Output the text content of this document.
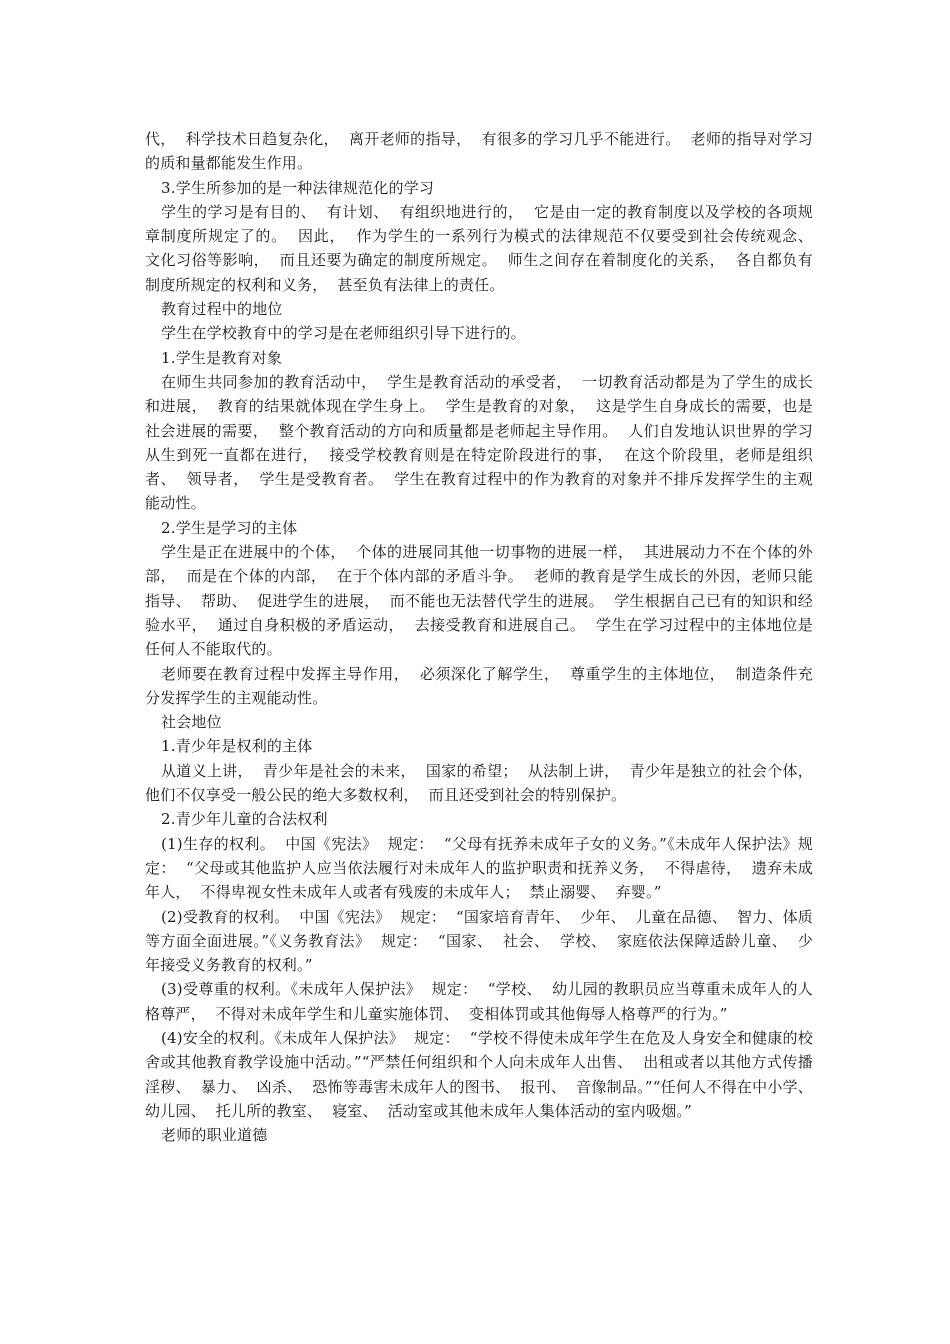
代，  科学技术日趋复杂化，  离开老师的指导，  有很多的学习几乎不能进行。  老师的指导对学习的质和量都能发生作用。

3.学生所参加的是一种法律规范化的学习

学生的学习是有目的、  有计划、  有组织地进行的，  它是由一定的教育制度以及学校的各项规章制度所规定了的。  因此，  作为学生的一系列行为模式的法律规范不仅要受到社会传统观念、  文化习俗等影响，  而且还要为确定的制度所规定。  师生之间存在着制度化的关系，  各自都负有制度所规定的权利和义务，  甚至负有法律上的责任。

教育过程中的地位

学生在学校教育中的学习是在老师组织引导下进行的。

1.学生是教育对象

在师生共同参加的教育活动中，  学生是教育活动的承受者，  一切教育活动都是为了学生的成长和进展，  教育的结果就体现在学生身上。  学生是教育的对象，  这是学生自身成长的需要，也是社会进展的需要，  整个教育活动的方向和质量都是老师起主导作用。  人们自发地认识世界的学习从生到死一直都在进行，  接受学校教育则是在特定阶段进行的事，  在这个阶段里，老师是组织者、  领导者，  学生是受教育者。  学生在教育过程中的作为教育的对象并不排斥发挥学生的主观能动性。

2.学生是学习的主体

学生是正在进展中的个体，  个体的进展同其他一切事物的进展一样，  其进展动力不在个体的外部，  而是在个体的内部，  在于个体内部的矛盾斗争。  老师的教育是学生成长的外因，老师只能指导、  帮助、  促进学生的进展，  而不能也无法替代学生的进展。  学生根据自己已有的知识和经验水平，  通过自身积极的矛盾运动，  去接受教育和进展自己。  学生在学习过程中的主体地位是任何人不能取代的。

老师要在教育过程中发挥主导作用，  必须深化了解学生，  尊重学生的主体地位，  制造条件充分发挥学生的主观能动性。

社会地位

1.青少年是权利的主体

从道义上讲，  青少年是社会的未来，  国家的希望；  从法制上讲，  青少年是独立的社会个体，他们不仅享受一般公民的绝大多数权利，  而且还受到社会的特别保护。

2.青少年儿童的合法权利

(1)生存的权利。  中国《宪法》  规定：  “父母有抚养未成年子女的义务。”《未成年人保护法》规定：  “父母或其他监护人应当依法履行对未成年人的监护职责和抚养义务，  不得虐待，  遗弃未成年人，  不得卑视女性未成年人或者有残废的未成年人；  禁止溺婴、  弃婴。”

(2)受教育的权利。  中国《宪法》  规定：  “国家培育青年、  少年、  儿童在品德、  智力、体质等方面全面进展。”《义务教育法》  规定：  “国家、  社会、  学校、  家庭依法保障适龄儿童、  少年接受义务教育的权利。”

(3)受尊重的权利。《未成年人保护法》  规定：  “学校、  幼儿园的教职员应当尊重未成年人的人格尊严，  不得对未成年学生和儿童实施体罚、  变相体罚或其他侮辱人格尊严的行为。”

(4)安全的权利。《未成年人保护法》  规定：  “学校不得使未成年学生在危及人身安全和健康的校舍或其他教育教学设施中活动。”“严禁任何组织和个人向未成年人出售、  出租或者以其他方式传播淫秽、  暴力、  凶杀、  恐怖等毒害未成年人的图书、  报刊、  音像制品。”“任何人不得在中小学、  幼儿园、  托儿所的教室、  寝室、  活动室或其他未成年人集体活动的室内吸烟。”

老师的职业道德
